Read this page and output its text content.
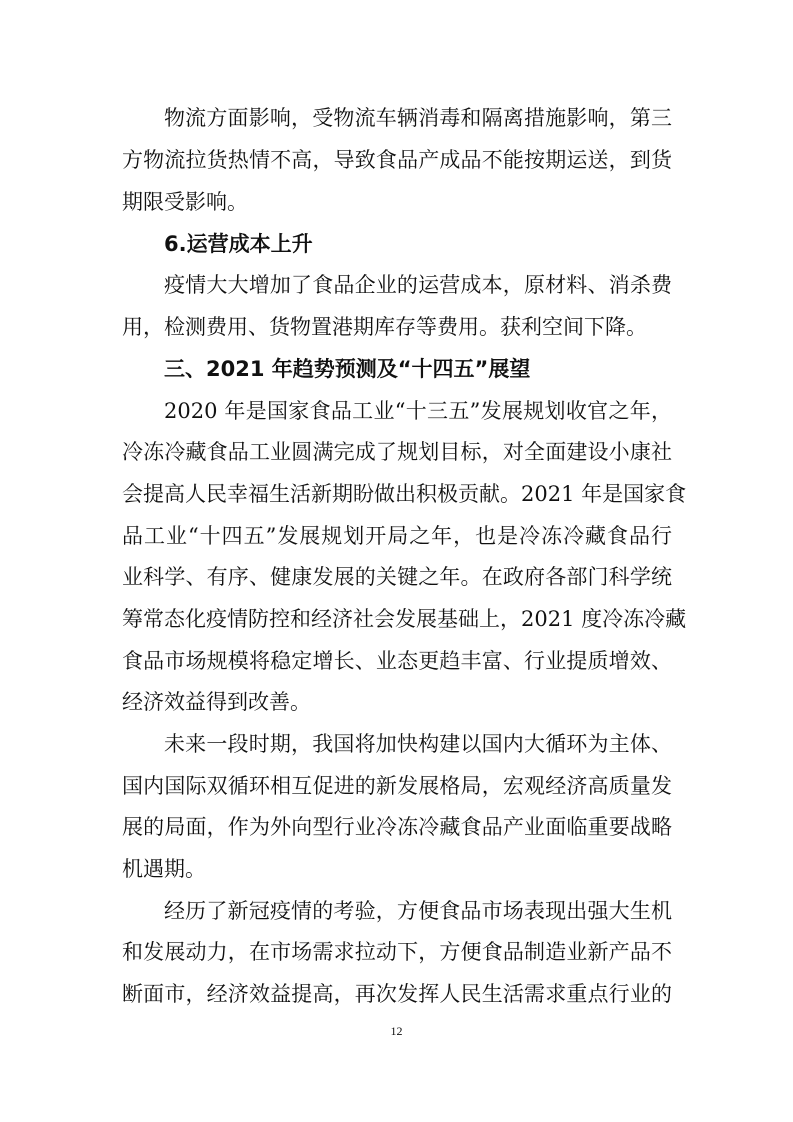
物流方面影响，受物流车辆消毒和隔离措施影响，第三
方物流拉货热情不高，导致食品产成品不能按期运送，到货
期限受影响。
6.运营成本上升
疫情大大增加了食品企业的运营成本，原材料、消杀费
用，检测费用、货物置港期库存等费用。获利空间下降。
三、2021 年趋势预测及“十四五”展望
2020 年是国家食品工业“十三五”发展规划收官之年，
冷冻冷藏食品工业圆满完成了规划目标，对全面建设小康社
会提高人民幸福生活新期盼做出积极贡献。2021 年是国家食
品工业“十四五”发展规划开局之年，也是冷冻冷藏食品行
业科学、有序、健康发展的关键之年。在政府各部门科学统
筹常态化疫情防控和经济社会发展基础上，2021 度冷冻冷藏
食品市场规模将稳定增长、业态更趋丰富、行业提质增效、
经济效益得到改善。
未来一段时期，我国将加快构建以国内大循环为主体、
国内国际双循环相互促进的新发展格局，宏观经济高质量发
展的局面，作为外向型行业冷冻冷藏食品产业面临重要战略
机遇期。
经历了新冠疫情的考验，方便食品市场表现出强大生机
和发展动力，在市场需求拉动下，方便食品制造业新产品不
断面市，经济效益提高，再次发挥人民生活需求重点行业的
12
